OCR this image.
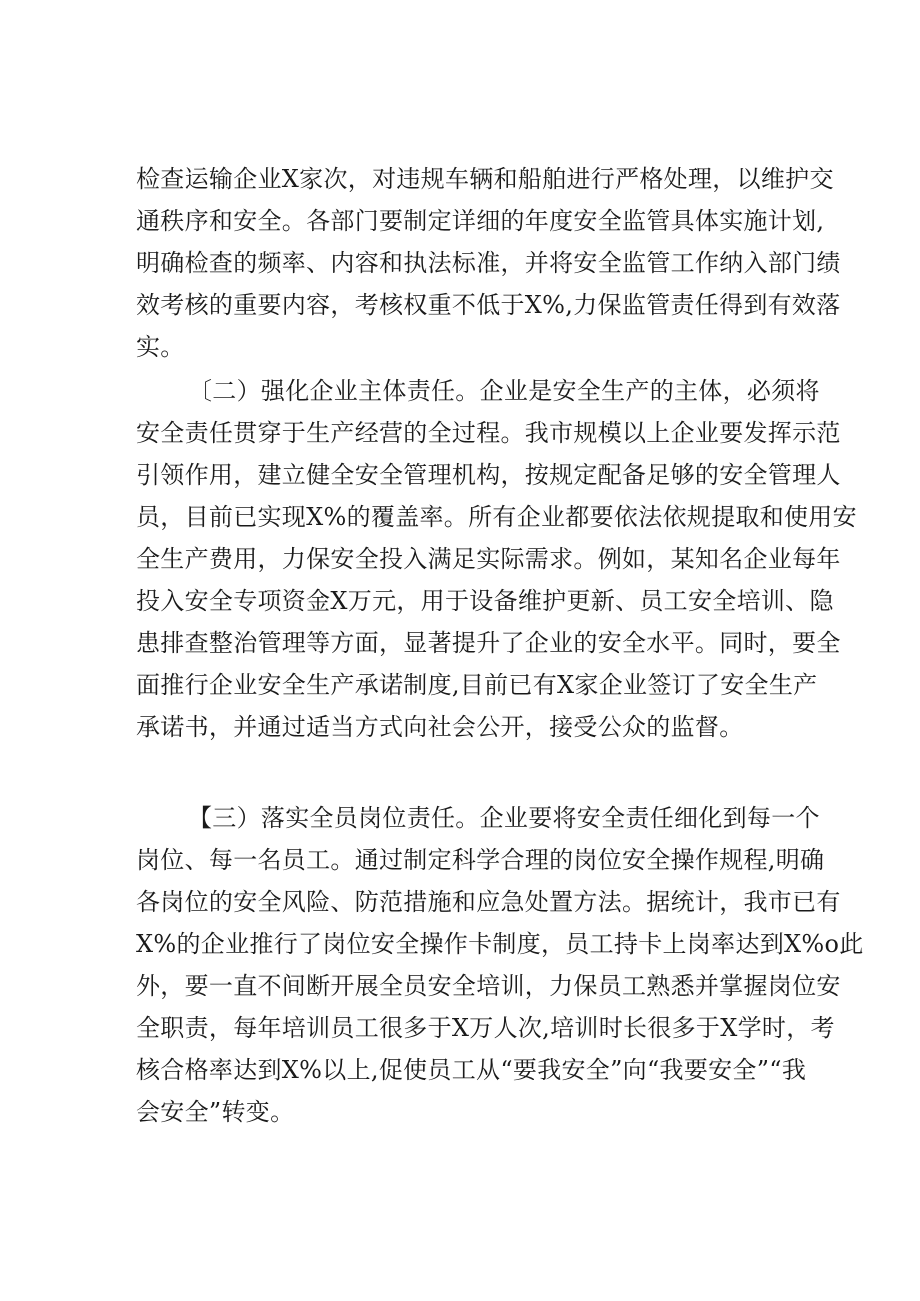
检查运输企业X家次，对违规车辆和船舶进行严格处理，以维护交
通秩序和安全。各部门要制定详细的年度安全监管具体实施计划,
明确检查的频率、内容和执法标准，并将安全监管工作纳入部门绩
效考核的重要内容，考核权重不低于X%,力保监管责任得到有效落
实。
〔二）强化企业主体责任。企业是安全生产的主体，必须将
安全责任贯穿于生产经营的全过程。我市规模以上企业要发挥示范
引领作用，建立健全安全管理机构，按规定配备足够的安全管理人
员，目前已实现X%的覆盖率。所有企业都要依法依规提取和使用安
全生产费用，力保安全投入满足实际需求。例如，某知名企业每年
投入安全专项资金X万元，用于设备维护更新、员工安全培训、隐
患排查整治管理等方面，显著提升了企业的安全水平。同时，要全
面推行企业安全生产承诺制度,目前已有X家企业签订了安全生产
承诺书，并通过适当方式向社会公开，接受公众的监督。
【三）落实全员岗位责任。企业要将安全责任细化到每一个
岗位、每一名员工。通过制定科学合理的岗位安全操作规程,明确
各岗位的安全风险、防范措施和应急处置方法。据统计，我市已有
X%的企业推行了岗位安全操作卡制度，员工持卡上岗率达到X%o此
外，要一直不间断开展全员安全培训，力保员工熟悉并掌握岗位安
全职责，每年培训员工很多于X万人次,培训时长很多于X学时，考
核合格率达到X%以上,促使员工从“要我安全”向“我要安全”“我
会安全”转变。
